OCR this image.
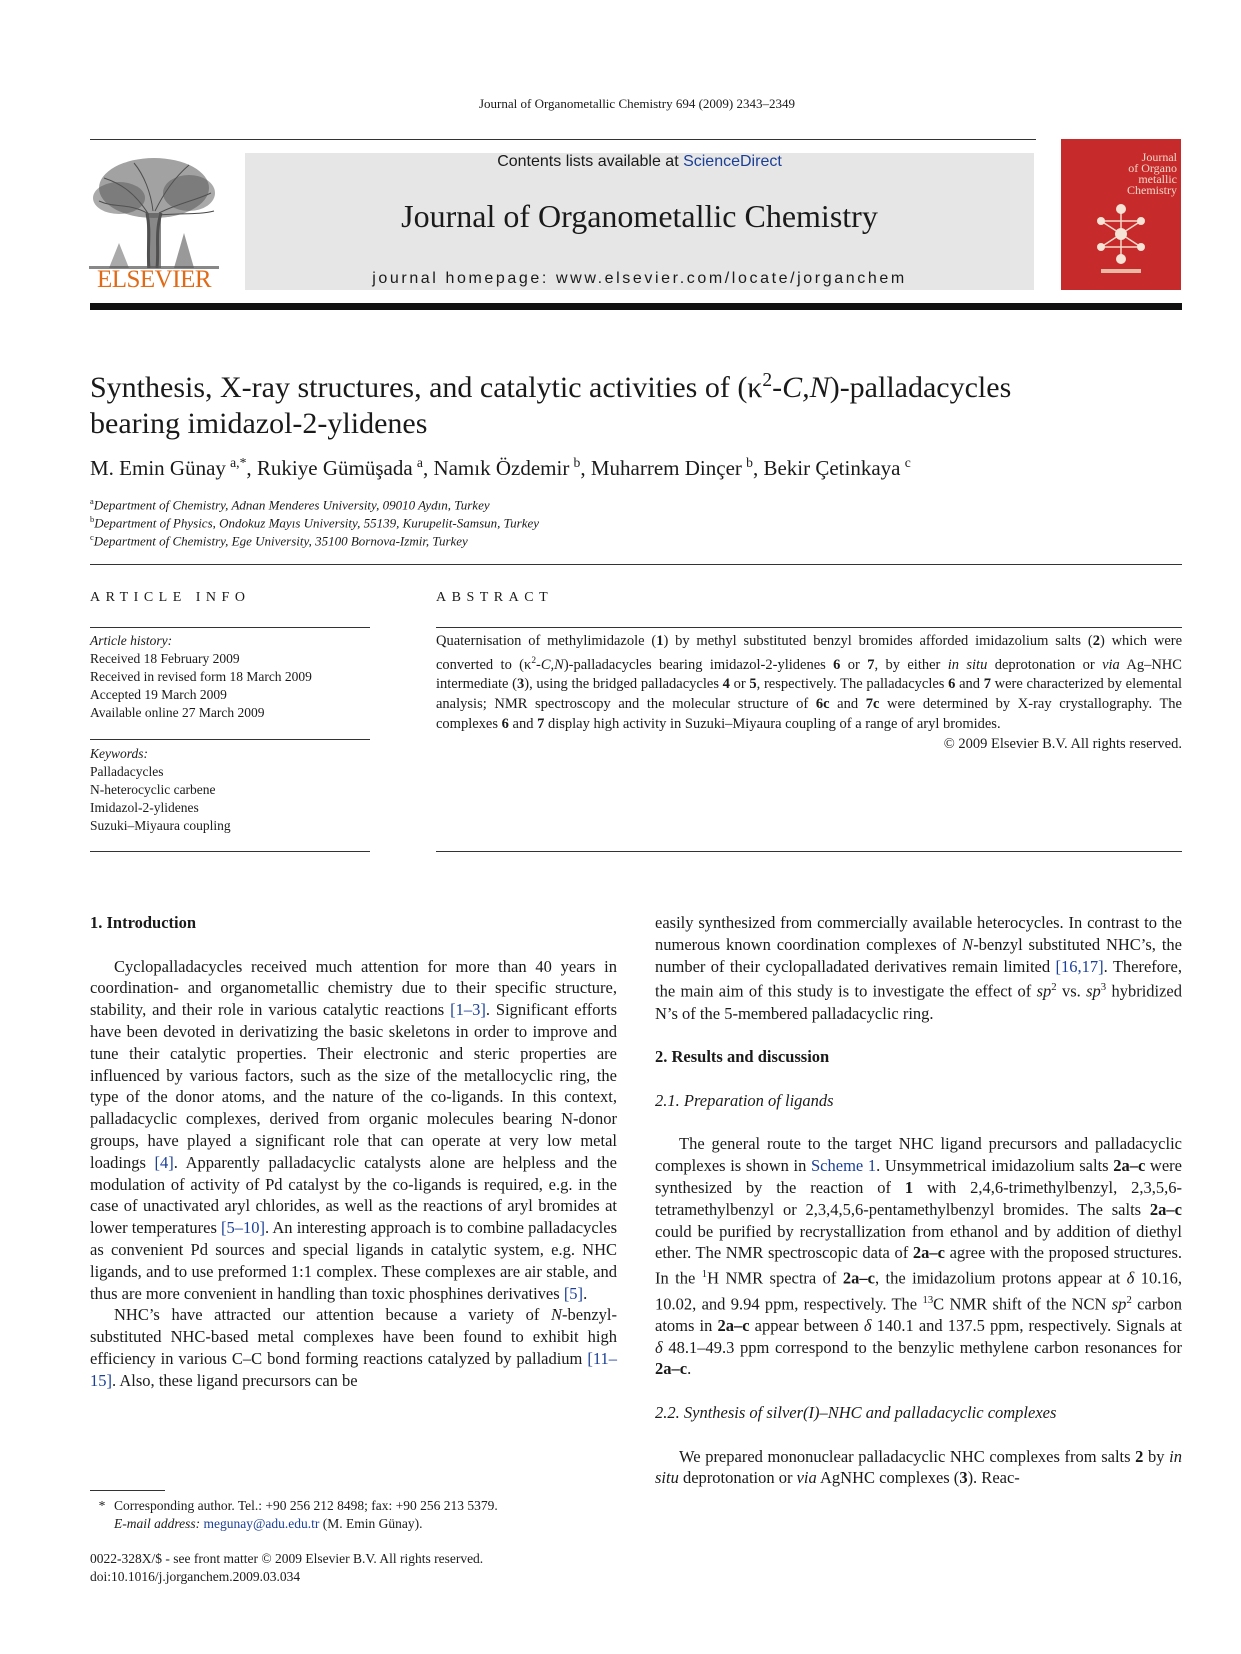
Journal of Organometallic Chemistry 694 (2009) 2343–2349
ELSEVIER
Contents lists available at ScienceDirect
Journal of Organometallic Chemistry
journal homepage: www.elsevier.com/locate/jorganchem
Journal
of Organo
metallic
Chemistry
Synthesis, X-ray structures, and catalytic activities of $(\kappa^2-C,N)$-palladacycles
bearing imidazol-2-ylidenes
M. Emin Günay  $^{a,*}$, Rukiye Gümüşada  $^a$, Namık Özdemir  $^b$, Muharrem Dinçer  $^b$, Bekir Çetinkaya  $^c$
$^a$Department of Chemistry, Adnan Menderes University, 09010 Aydın, Turkey
$^b$Department of Physics, Ondokuz Mayıs University, 55139, Kurupelit-Samsun, Turkey
$^c$Department of Chemistry, Ege University, 35100 Bornova-Izmir, Turkey
ARTICLE INFO
Article history:
Received 18 February 2009
Received in revised form 18 March 2009
Accepted 19 March 2009
Available online 27 March 2009
Keywords:
Palladacycles
N-heterocyclic carbene
Imidazol-2-ylidenes
Suzuki–Miyaura coupling
ABSTRACT
Quaternisation of methylimidazole (1) by methyl substituted benzyl bromides afforded imidazolium salts (2) which were converted to $(\kappa^2-C,N)$-palladacycles bearing imidazol-2-ylidenes 6 or 7, by either in situ deprotonation or via Ag–NHC intermediate (3), using the bridged palladacycles 4 or 5, respectively. The palladacycles 6 and 7 were characterized by elemental analysis; NMR spectroscopy and the molecular structure of 6c and 7c were determined by X-ray crystallography. The complexes 6 and 7 display high activity in Suzuki–Miyaura coupling of a range of aryl bromides.
© 2009 Elsevier B.V. All rights reserved.

1. Introduction

Cyclopalladacycles received much attention for more than 40 years in coordination- and organometallic chemistry due to their specific structure, stability, and their role in various catalytic reactions [1–3]. Significant efforts have been devoted in derivatizing the basic skeletons in order to improve and tune their catalytic properties. Their electronic and steric properties are influenced by various factors, such as the size of the metallocyclic ring, the type of the donor atoms, and the nature of the co-ligands. In this context, palladacyclic complexes, derived from organic molecules bearing N-donor groups, have played a significant role that can operate at very low metal loadings [4]. Apparently palladacyclic catalysts alone are helpless and the modulation of activity of Pd catalyst by the co-ligands is required, e.g. in the case of unactivated aryl chlorides, as well as the reactions of aryl bromides at lower temperatures [5–10]. An interesting approach is to combine palladacycles as convenient Pd sources and special ligands in catalytic system, e.g. NHC ligands, and to use preformed 1:1 complex. These complexes are air stable, and thus are more convenient in handling than toxic phosphines derivatives [5].

NHC’s have attracted our attention because a variety of N-benzyl-substituted NHC-based metal complexes have been found to exhibit high efficiency in various C–C bond forming reactions catalyzed by palladium [11–15]. Also, these ligand precursors can be

easily synthesized from commercially available heterocycles. In contrast to the numerous known coordination complexes of N-benzyl substituted NHC’s, the number of their cyclopalladated derivatives remain limited [16,17]. Therefore, the main aim of this study is to investigate the effect of $sp^2$ vs. $sp^3$ hybridized N’s of the 5-membered palladacyclic ring.

2. Results and discussion

2.1. Preparation of ligands

The general route to the target NHC ligand precursors and palladacyclic complexes is shown in Scheme 1. Unsymmetrical imidazolium salts 2a–c were synthesized by the reaction of 1 with 2,4,6-trimethylbenzyl, 2,3,5,6-tetramethylbenzyl or 2,3,4,5,6-pentamethylbenzyl bromides. The salts 2a–c could be purified by recrystallization from ethanol and by addition of diethyl ether. The NMR spectroscopic data of 2a–c agree with the proposed structures. In the $^1$H NMR spectra of 2a–c, the imidazolium protons appear at δ 10.16, 10.02, and 9.94 ppm, respectively. The $^{13}$C NMR shift of the NCN $sp^2$ carbon atoms in 2a–c appear between δ 140.1 and 137.5 ppm, respectively. Signals at δ 48.1–49.3 ppm correspond to the benzylic methylene carbon resonances for 2a–c.

2.2. Synthesis of silver(I)–NHC and palladacyclic complexes

We prepared mononuclear palladacyclic NHC complexes from salts 2 by in situ deprotonation or via AgNHC complexes (3). Reac-

* Corresponding author. Tel.: +90 256 212 8498; fax: +90 256 213 5379.
E-mail address: megunay@adu.edu.tr (M. Emin Günay).
0022-328X/$ - see front matter © 2009 Elsevier B.V. All rights reserved.
doi:10.1016/j.jorganchem.2009.03.034
